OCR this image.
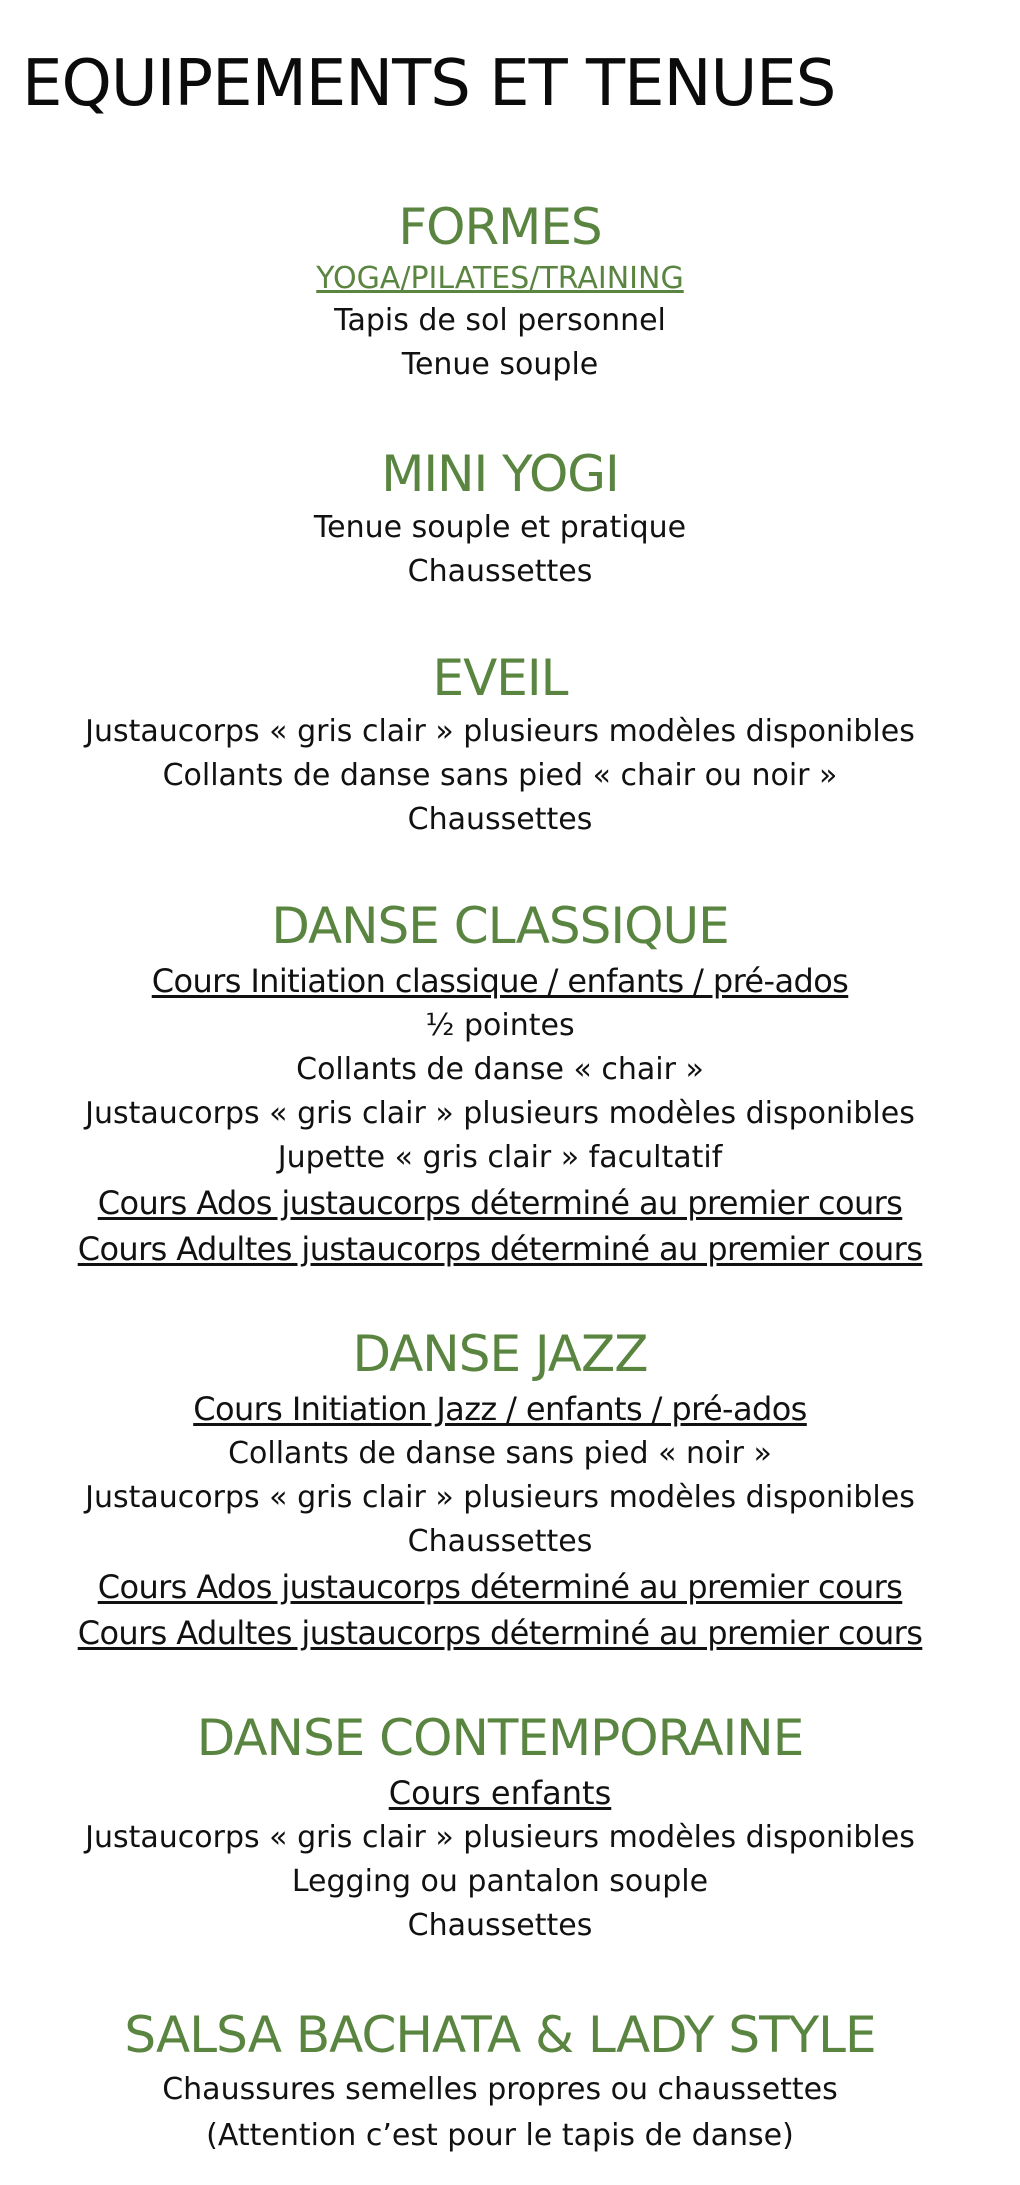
EQUIPEMENTS ET TENUES
FORMES
YOGA/PILATES/TRAINING
Tapis de sol personnel
Tenue souple
MINI YOGI
Tenue souple et pratique
Chaussettes
EVEIL
Justaucorps « gris clair » plusieurs modèles disponibles
Collants de danse sans pied « chair ou noir »
Chaussettes
DANSE CLASSIQUE
Cours Initiation classique / enfants / pré-ados
½ pointes
Collants de danse « chair »
Justaucorps « gris clair » plusieurs modèles disponibles
Jupette « gris clair » facultatif
Cours Ados justaucorps déterminé au premier cours
Cours Adultes justaucorps déterminé au premier cours
DANSE JAZZ
Cours Initiation Jazz / enfants / pré-ados
Collants de danse sans pied « noir »
Justaucorps « gris clair » plusieurs modèles disponibles
Chaussettes
Cours Ados justaucorps déterminé au premier cours
Cours Adultes justaucorps déterminé au premier cours
DANSE CONTEMPORAINE
Cours enfants
Justaucorps « gris clair » plusieurs modèles disponibles
Legging ou pantalon souple
Chaussettes
SALSA BACHATA & LADY STYLE
Chaussures semelles propres ou chaussettes
(Attention c’est pour le tapis de danse)
